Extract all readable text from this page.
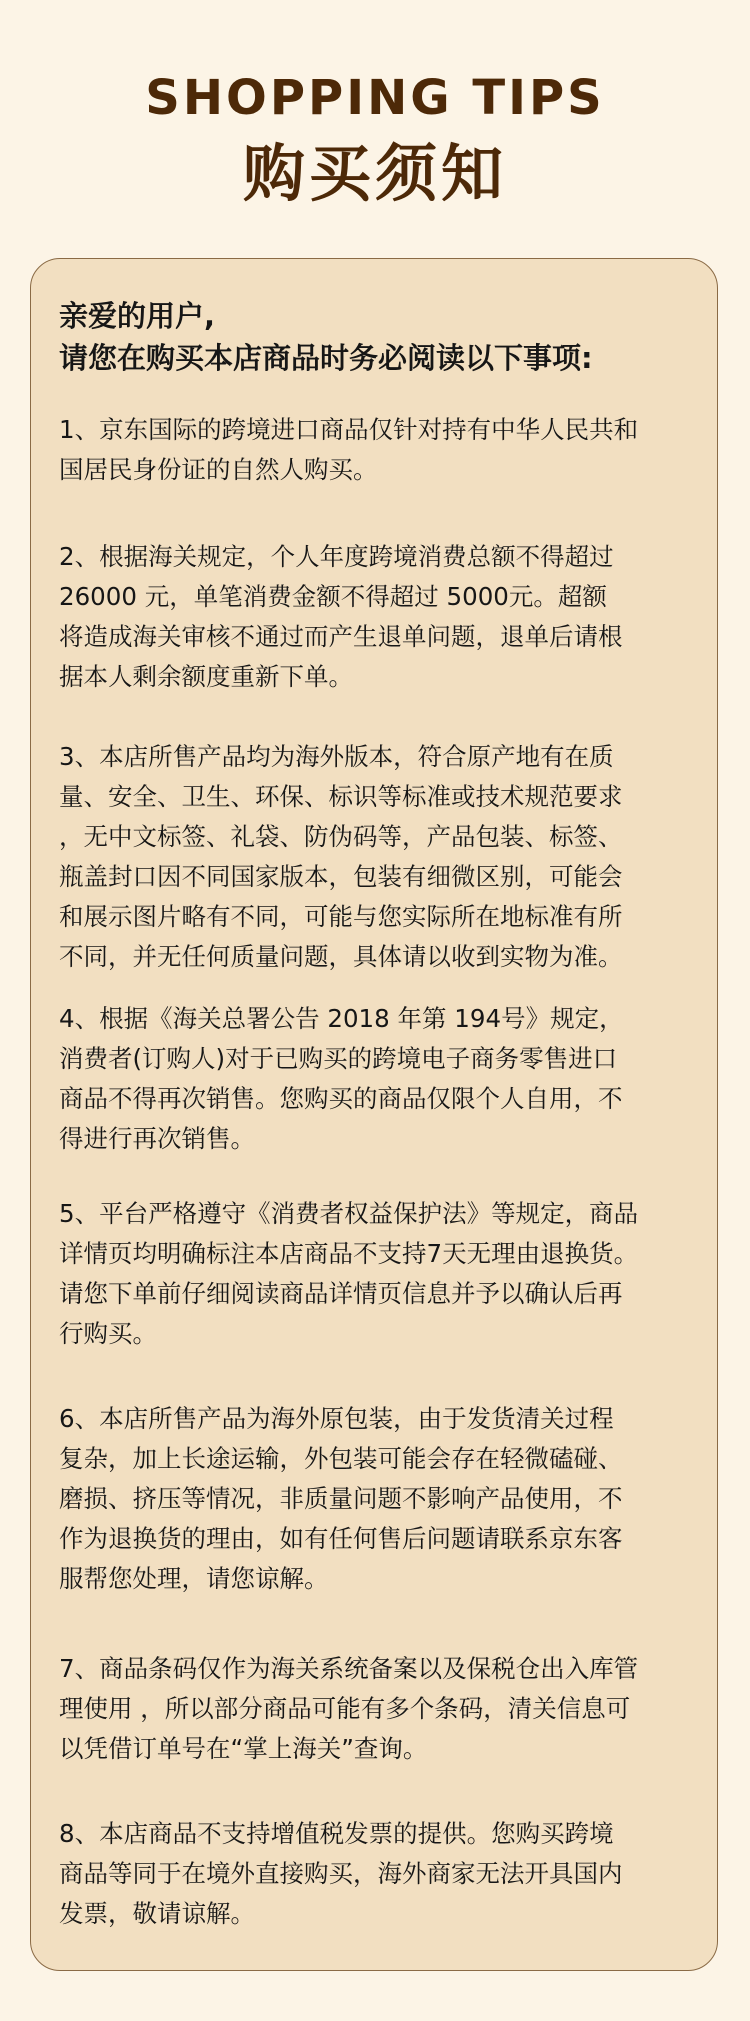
SHOPPING TIPS
购买须知
亲爱的用户,
请您在购买本店商品时务必阅读以下事项:
1、京东国际的跨境进口商品仅针对持有中华人民共和
国居民身份证的自然人购买。
2、根据海关规定，个人年度跨境消费总额不得超过
26000 元，单笔消费金额不得超过 5000元。超额
将造成海关审核不通过而产生退单问题，退单后请根
据本人剩余额度重新下单。
3、本店所售产品均为海外版本，符合原产地有在质
量、安全、卫生、环保、标识等标准或技术规范要求
，无中文标签、礼袋、防伪码等，产品包装、标签、
瓶盖封口因不同国家版本，包装有细微区别，可能会
和展示图片略有不同，可能与您实际所在地标准有所
不同，并无任何质量问题，具体请以收到实物为准。
4、根据《海关总署公告 2018 年第 194号》规定，
消费者(订购人)对于已购买的跨境电子商务零售进口
商品不得再次销售。您购买的商品仅限个人自用，不
得进行再次销售。
5、平台严格遵守《消费者权益保护法》等规定，商品
详情页均明确标注本店商品不支持7天无理由退换货。
请您下单前仔细阅读商品详情页信息并予以确认后再
行购买。
6、本店所售产品为海外原包装，由于发货清关过程
复杂，加上长途运输，外包装可能会存在轻微磕碰、
磨损、挤压等情况，非质量问题不影响产品使用，不
作为退换货的理由，如有任何售后问题请联系京东客
服帮您处理，请您谅解。
7、商品条码仅作为海关系统备案以及保税仓出入库管
理使用 ，所以部分商品可能有多个条码，清关信息可
以凭借订单号在“掌上海关”查询。
8、本店商品不支持增值税发票的提供。您购买跨境
商品等同于在境外直接购买，海外商家无法开具国内
发票，敬请谅解。
